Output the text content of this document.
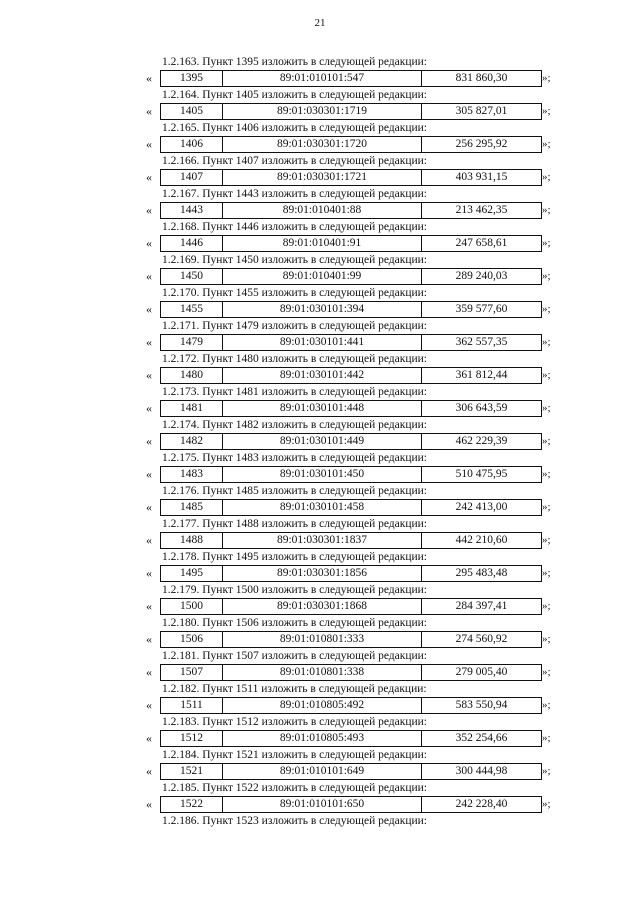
21
1.2.163. Пункт 1395 изложить в следующей редакции:
«	1395	89:01:010101:547	831 860,30	»;
1.2.164. Пункт 1405 изложить в следующей редакции:
«	1405	89:01:030301:1719	305 827,01	»;
1.2.165. Пункт 1406 изложить в следующей редакции:
«	1406	89:01:030301:1720	256 295,92	»;
1.2.166. Пункт 1407 изложить в следующей редакции:
«	1407	89:01:030301:1721	403 931,15	»;
1.2.167. Пункт 1443 изложить в следующей редакции:
«	1443	89:01:010401:88	213 462,35	»;
1.2.168. Пункт 1446 изложить в следующей редакции:
«	1446	89:01:010401:91	247 658,61	»;
1.2.169. Пункт 1450 изложить в следующей редакции:
«	1450	89:01:010401:99	289 240,03	»;
1.2.170. Пункт 1455 изложить в следующей редакции:
«	1455	89:01:030101:394	359 577,60	»;
1.2.171. Пункт 1479 изложить в следующей редакции:
«	1479	89:01:030101:441	362 557,35	»;
1.2.172. Пункт 1480 изложить в следующей редакции:
«	1480	89:01:030101:442	361 812,44	»;
1.2.173. Пункт 1481 изложить в следующей редакции:
«	1481	89:01:030101:448	306 643,59	»;
1.2.174. Пункт 1482 изложить в следующей редакции:
«	1482	89:01:030101:449	462 229,39	»;
1.2.175. Пункт 1483 изложить в следующей редакции:
«	1483	89:01:030101:450	510 475,95	»;
1.2.176. Пункт 1485 изложить в следующей редакции:
«	1485	89:01:030101:458	242 413,00	»;
1.2.177. Пункт 1488 изложить в следующей редакции:
«	1488	89:01:030301:1837	442 210,60	»;
1.2.178. Пункт 1495 изложить в следующей редакции:
«	1495	89:01:030301:1856	295 483,48	»;
1.2.179. Пункт 1500 изложить в следующей редакции:
«	1500	89:01:030301:1868	284 397,41	»;
1.2.180. Пункт 1506 изложить в следующей редакции:
«	1506	89:01:010801:333	274 560,92	»;
1.2.181. Пункт 1507 изложить в следующей редакции:
«	1507	89:01:010801:338	279 005,40	»;
1.2.182. Пункт 1511 изложить в следующей редакции:
«	1511	89:01:010805:492	583 550,94	»;
1.2.183. Пункт 1512 изложить в следующей редакции:
«	1512	89:01:010805:493	352 254,66	»;
1.2.184. Пункт 1521 изложить в следующей редакции:
«	1521	89:01:010101:649	300 444,98	»;
1.2.185. Пункт 1522 изложить в следующей редакции:
«	1522	89:01:010101:650	242 228,40	»;
1.2.186. Пункт 1523 изложить в следующей редакции:
